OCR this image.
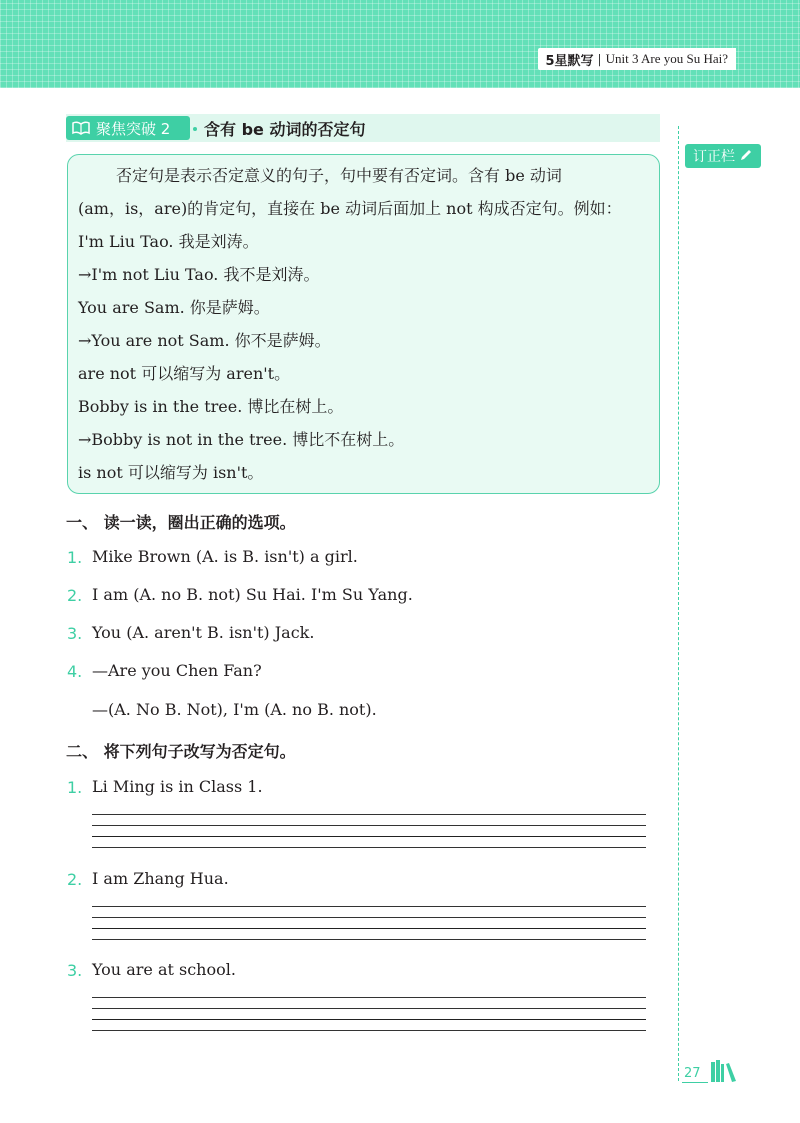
5星默写 | Unit 3 Are you Su Hai?
聚焦突破 2 含有 be 动词的否定句
否定句是表示否定意义的句子，句中要有否定词。含有 be 动词
(am，is，are)的肯定句，直接在 be 动词后面加上 not 构成否定句。例如：
I'm Liu Tao. 我是刘涛。
→I'm not Liu Tao. 我不是刘涛。
You are Sam. 你是萨姆。
→You are not Sam. 你不是萨姆。
are not 可以缩写为 aren't。
Bobby is in the tree. 博比在树上。
→Bobby is not in the tree. 博比不在树上。
is not 可以缩写为 isn't。
订正栏
一、 读一读，圈出正确的选项。
1. Mike Brown (A. is B. isn't) a girl.
2. I am (A. no B. not) Su Hai. I'm Su Yang.
3. You (A. aren't B. isn't) Jack.
4. —Are you Chen Fan?
—(A. No B. Not), I'm (A. no B. not).
二、 将下列句子改写为否定句。
1. Li Ming is in Class 1.
2. I am Zhang Hua.
3. You are at school.
27
